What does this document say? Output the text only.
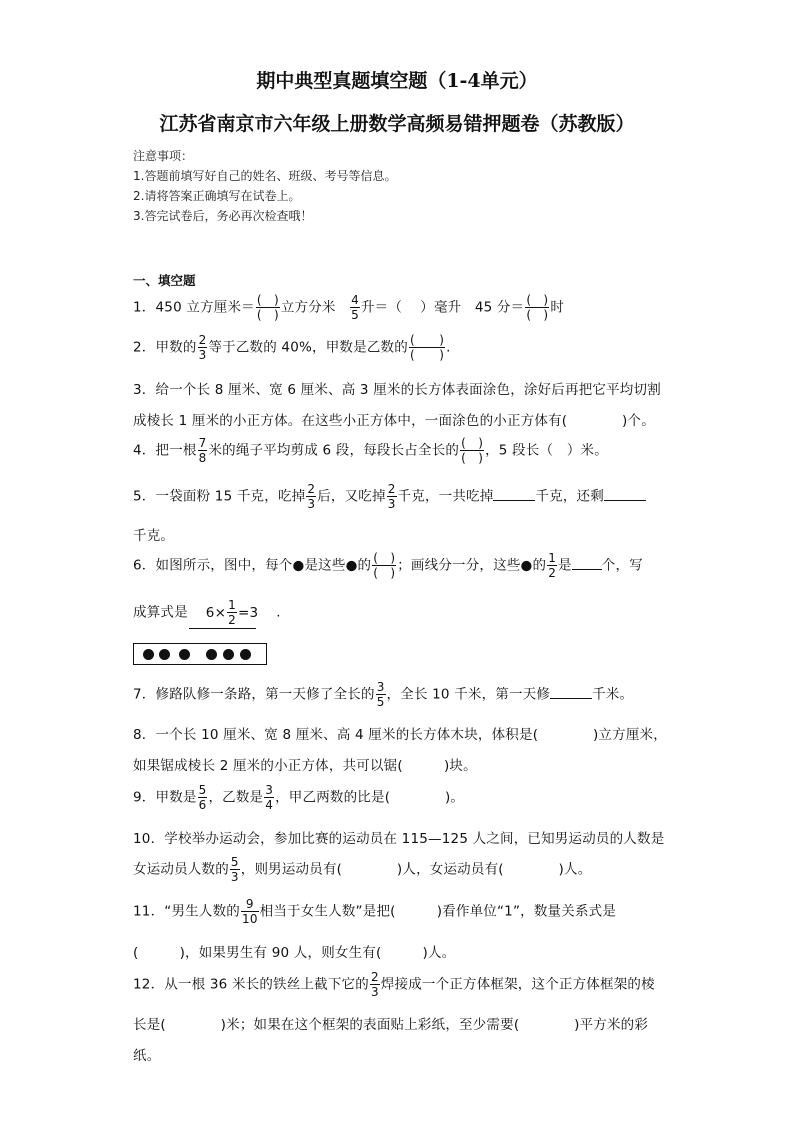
期中典型真题填空题（1-4单元）
江苏省南京市六年级上册数学高频易错押题卷（苏教版）
注意事项：
1.答题前填写好自己的姓名、班级、考号等信息。
2.请将答案正确填写在试卷上。
3.答完试卷后，务必再次检查哦！
一、填空题
1．450 立方厘米＝ $\frac{( )}{( )}$ 立方分米 $\frac{4}{5}$ 升＝（　 ）毫升 45 分＝ $\frac{( )}{( )}$ 时
2．甲数的 $\frac{2}{3}$ 等于乙数的 40%，甲数是乙数的 $\frac{( )}{( )}$ .
3．给一个长 8 厘米、宽 6 厘米、高 3 厘米的长方体表面涂色，涂好后再把它平均切割
成棱长 1 厘米的小正方体。在这些小正方体中，一面涂色的小正方体有(　　　　)个。
4．把一根 $\frac{7}{8}$ 米的绳子平均剪成 6 段，每段长占全长的 $\frac{( )}{( )}$ ，5 段长（　）米。
5．一袋面粉 15 千克，吃掉 $\frac{2}{3}$ 后，又吃掉 $\frac{2}{3}$ 千克，一共吃掉	千克，还剩
千克。
6．如图所示，图中，每个●是这些●的 $\frac{( )}{( )}$ ；画线分一分，这些●的 $\frac{1}{2}$ 是 个，写
成算式是 $6\times \frac{1}{2} =3$ .
7．修路队修一条路，第一天修了全长的 $\frac{3}{5}$ ，全长 10 千米，第一天修	千米。
8．一个长 10 厘米、宽 8 厘米、高 4 厘米的长方体木块，体积是(　　　　)立方厘米，
如果锯成棱长 2 厘米的小正方体，共可以锯(　　　)块。
9．甲数是 $\frac{5}{6}$ ，乙数是 $\frac{3}{4}$ ，甲乙两数的比是(　　　　)。
10．学校举办运动会，参加比赛的运动员在 115—125 人之间，已知男运动员的人数是
女运动员人数的 $\frac{5}{3}$ ，则男运动员有(　　　　)人，女运动员有(　　　　)人。
11．“男生人数的 $\frac{9}{10}$ 相当于女生人数”是把(　　　)看作单位“1”，数量关系式是
(　　　)，如果男生有 90 人，则女生有(　　　)人。
12．从一根 36 米长的铁丝上截下它的 $\frac{2}{3}$ 焊接成一个正方体框架，这个正方体框架的棱
长是(　　　　)米；如果在这个框架的表面贴上彩纸，至少需要(　　　　)平方米的彩
纸。
